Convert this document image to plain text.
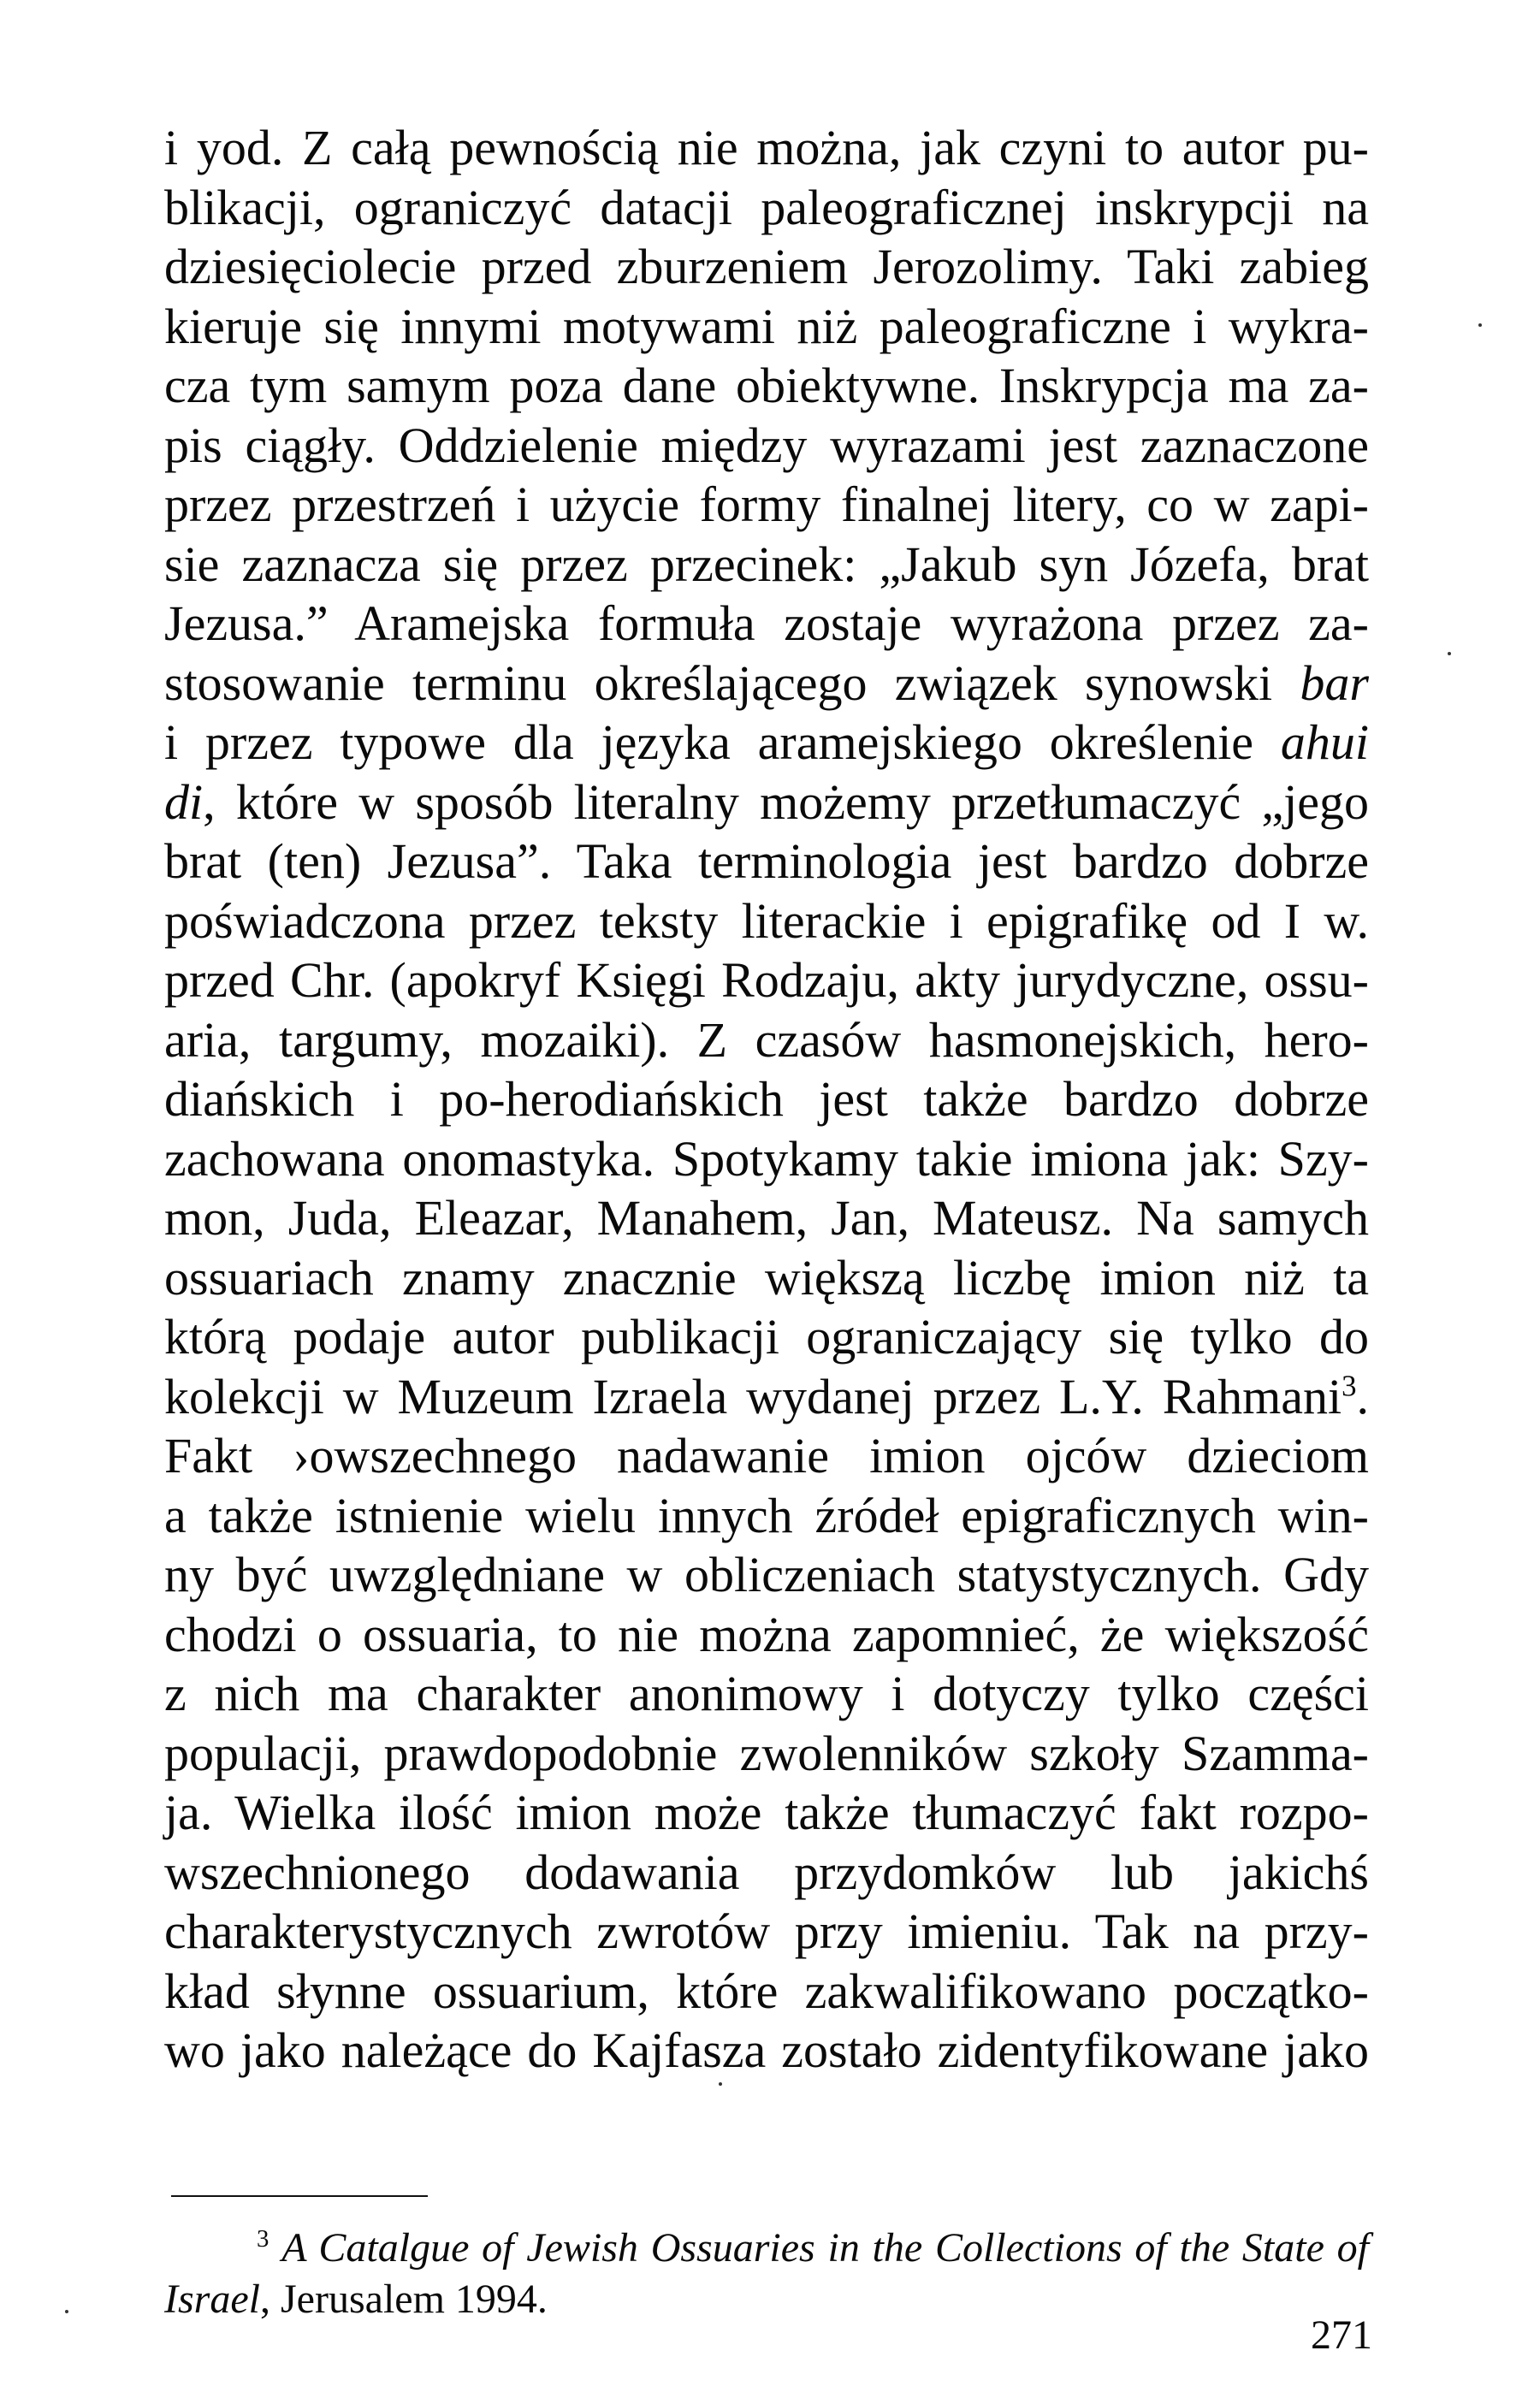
i yod. Z całą pewnością nie można, jak czyni to autor pu-
blikacji, ograniczyć datacji paleograficznej inskrypcji na
dziesięciolecie przed zburzeniem Jerozolimy. Taki zabieg
kieruje się innymi motywami niż paleograficzne i wykra-
cza tym samym poza dane obiektywne. Inskrypcja ma za-
pis ciągły. Oddzielenie między wyrazami jest zaznaczone
przez przestrzeń i użycie formy finalnej litery, co w zapi-
sie zaznacza się przez przecinek: „Jakub syn Józefa, brat
Jezusa.” Aramejska formuła zostaje wyrażona przez za-
stosowanie terminu określającego związek synowski bar
i przez typowe dla języka aramejskiego określenie ahui
di, które w sposób literalny możemy przetłumaczyć „jego
brat (ten) Jezusa”. Taka terminologia jest bardzo dobrze
poświadczona przez teksty literackie i epigrafikę od I w.
przed Chr. (apokryf Księgi Rodzaju, akty jurydyczne, ossu-
aria, targumy, mozaiki). Z czasów hasmonejskich, hero-
diańskich i po-herodiańskich jest także bardzo dobrze
zachowana onomastyka. Spotykamy takie imiona jak: Szy-
mon, Juda, Eleazar, Manahem, Jan, Mateusz. Na samych
ossuariach znamy znacznie większą liczbę imion niż ta
którą podaje autor publikacji ograniczający się tylko do
kolekcji w Muzeum Izraela wydanej przez L.Y. Rahmani$^3$.
Fakt ›owszechnego nadawanie imion ojców dzieciom
a także istnienie wielu innych źródeł epigraficznych win-
ny być uwzględniane w obliczeniach statystycznych. Gdy
chodzi o ossuaria, to nie można zapomnieć, że większość
z nich ma charakter anonimowy i dotyczy tylko części
populacji, prawdopodobnie zwolenników szkoły Szamma-
ja. Wielka ilość imion może także tłumaczyć fakt rozpo-
wszechnionego dodawania przydomków lub jakichś
charakterystycznych zwrotów przy imieniu. Tak na przy-
kład słynne ossuarium, które zakwalifikowano początko-
wo jako należące do Kajfasza zostało zidentyfikowane jako
$^3$ A Catalgue of Jewish Ossuaries in the Collections of the State of
Israel, Jerusalem 1994.
271
